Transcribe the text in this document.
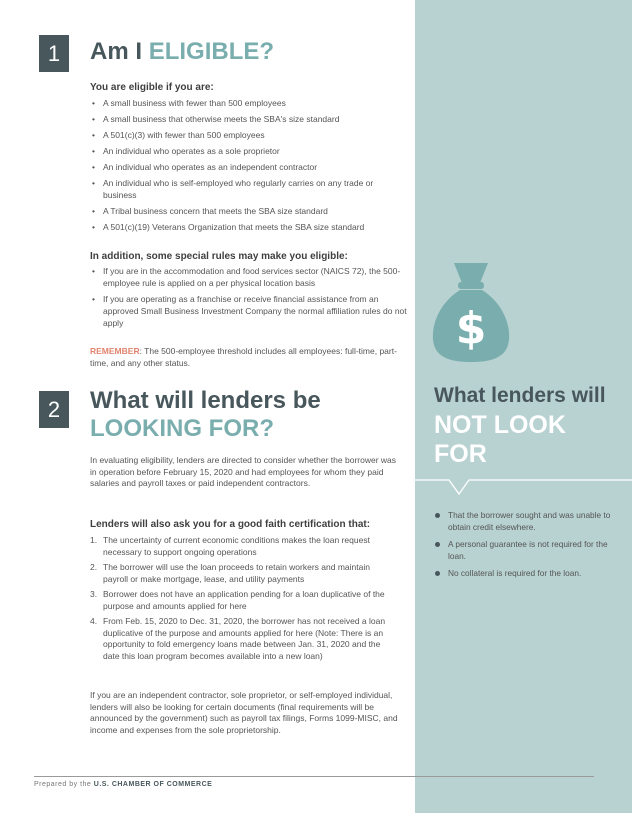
1	Am I ELIGIBLE?
You are eligible if you are:
• A small business with fewer than 500 employees
• A small business that otherwise meets the SBA's size standard
• A 501(c)(3) with fewer than 500 employees
• An individual who operates as a sole proprietor
• An individual who operates as an independent contractor
• An individual who is self-employed who regularly carries on any trade or business
• A Tribal business concern that meets the SBA size standard
• A 501(c)(19) Veterans Organization that meets the SBA size standard
In addition, some special rules may make you eligible:
• If you are in the accommodation and food services sector (NAICS 72), the 500-employee rule is applied on a per physical location basis
• If you are operating as a franchise or receive financial assistance from an approved Small Business Investment Company the normal affiliation rules do not apply
REMEMBER: The 500-employee threshold includes all employees: full-time, part-time, and any other status.
2	What will lenders be
LOOKING FOR?
In evaluating eligibility, lenders are directed to consider whether the borrower was in operation before February 15, 2020 and had employees for whom they paid salaries and payroll taxes or paid independent contractors.
Lenders will also ask you for a good faith certification that:
1. The uncertainty of current economic conditions makes the loan request necessary to support ongoing operations
2. The borrower will use the loan proceeds to retain workers and maintain payroll or make mortgage, lease, and utility payments
3. Borrower does not have an application pending for a loan duplicative of the purpose and amounts applied for here
4. From Feb. 15, 2020 to Dec. 31, 2020, the borrower has not received a loan duplicative of the purpose and amounts applied for here (Note: There is an opportunity to fold emergency loans made between Jan. 31, 2020 and the date this loan program becomes available into a new loan)
If you are an independent contractor, sole proprietor, or self-employed individual, lenders will also be looking for certain documents (final requirements will be announced by the government) such as payroll tax filings, Forms 1099-MISC, and income and expenses from the sole proprietorship.
$
What lenders will
NOT LOOK FOR
That the borrower sought and was unable to obtain credit elsewhere.
A personal guarantee is not required for the loan.
No collateral is required for the loan.
Prepared by the U.S. CHAMBER OF COMMERCE
